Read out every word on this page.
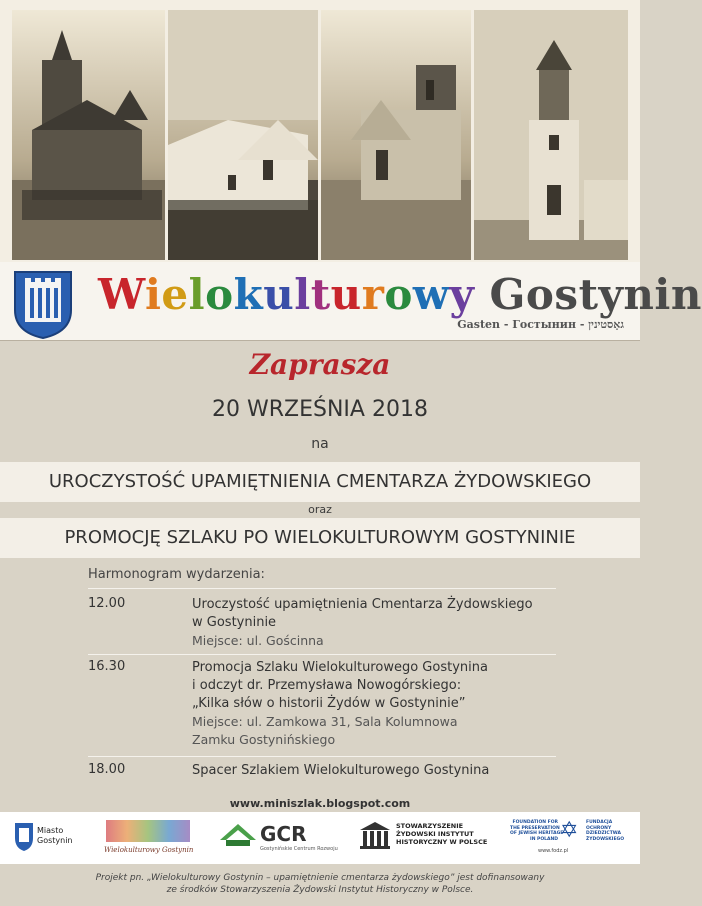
Wielokulturowy Gostynin
Gasten - Гостынин - גאָסטינין
Zaprasza
20 WRZEŚNIA 2018
na
UROCZYSTOŚĆ UPAMIĘTNIENIA CMENTARZA ŻYDOWSKIEGO
oraz
PROMOCJĘ SZLAKU PO WIELOKULTUROWYM GOSTYNINIE
Harmonogram wydarzenia:
12.00	Uroczystość upamiętnienia Cmentarza Żydowskiego
w Gostyninie
Miejsce: ul. Gościnna
16.30	Promocja Szlaku Wielokulturowego Gostynina
i odczyt dr. Przemysława Nowogórskiego:
„Kilka słów o historii Żydów w Gostyninie”
Miejsce: ul. Zamkowa 31, Sala Kolumnowa
Zamku Gostynińskiego
18.00	Spacer Szlakiem Wielokulturowego Gostynina
www.miniszlak.blogspot.com
Miasto
Gostynin
Wielokulturowy Gostynin
GCR
Gostynińskie Centrum Rozwoju
STOWARZYSZENIE
ŻYDOWSKI INSTYTUT
HISTORYCZNY W POLSCE
FOUNDATION FOR
THE PRESERVATION
OF JEWISH HERITAGE
IN POLAND ✡ FUNDACJA
OCHRONY
DZIEDZICTWA
ŻYDOWSKIEGO
www.fodz.pl
Projekt pn. „Wielokulturowy Gostynin – upamiętnienie cmentarza żydowskiego” jest dofinansowany
ze środków Stowarzyszenia Żydowski Instytut Historyczny w Polsce.
